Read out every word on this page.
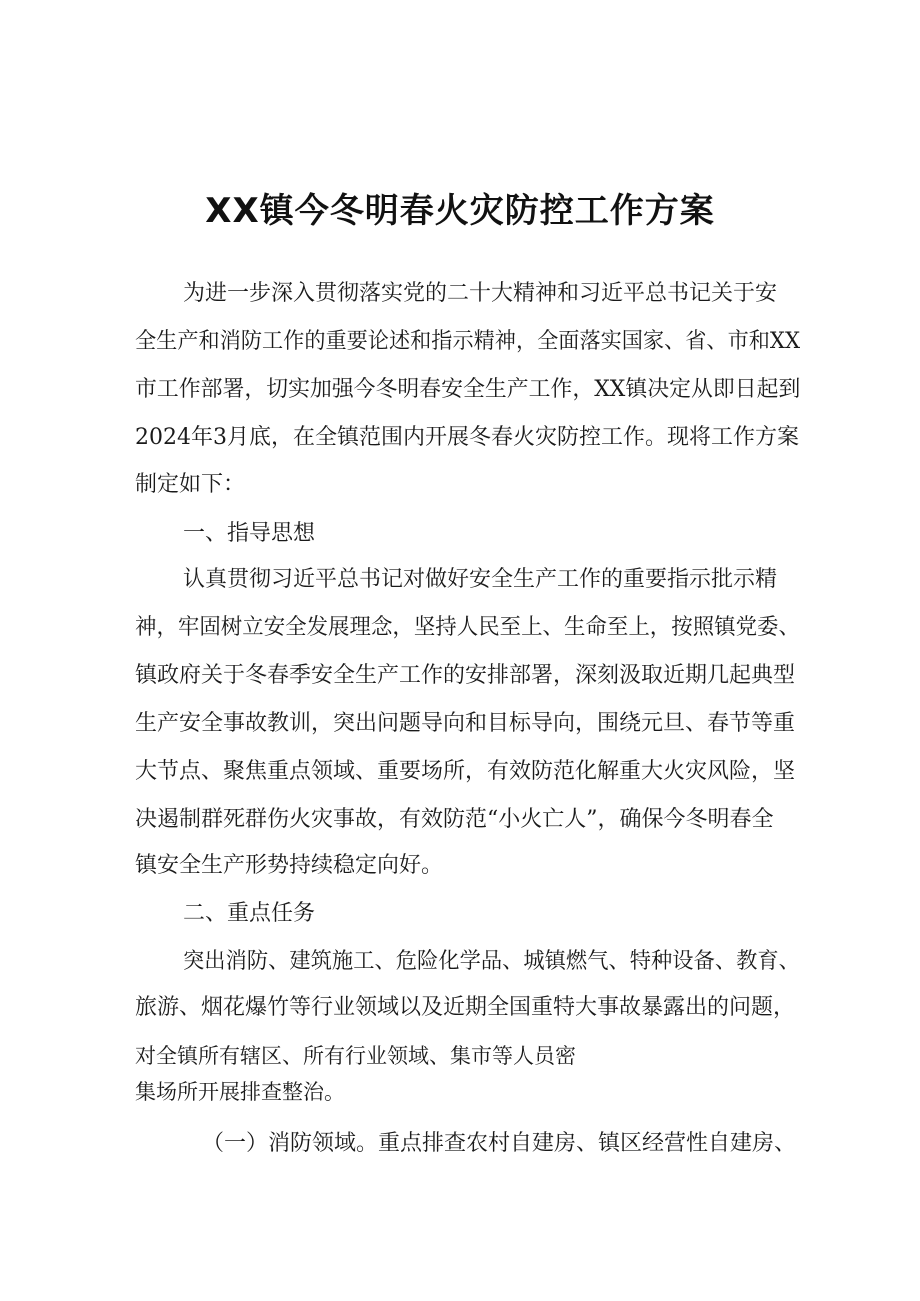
XX镇今冬明春火灾防控工作方案
为进一步深入贯彻落实党的二十大精神和习近平总书记关于安
全生产和消防工作的重要论述和指示精神，全面落实国家、省、市和XX
市工作部署，切实加强今冬明春安全生产工作，XX镇决定从即日起到
2024年3月底，在全镇范围内开展冬春火灾防控工作。现将工作方案
制定如下：
一、指导思想
认真贯彻习近平总书记对做好安全生产工作的重要指示批示精
神，牢固树立安全发展理念，坚持人民至上、生命至上，按照镇党委、
镇政府关于冬春季安全生产工作的安排部署，深刻汲取近期几起典型
生产安全事故教训，突出问题导向和目标导向，围绕元旦、春节等重
大节点、聚焦重点领域、重要场所，有效防范化解重大火灾风险，坚
决遏制群死群伤火灾事故，有效防范“小火亡人”，确保今冬明春全
镇安全生产形势持续稳定向好。
二、重点任务
突出消防、建筑施工、危险化学品、城镇燃气、特种设备、教育、
旅游、烟花爆竹等行业领域以及近期全国重特大事故暴露出的问题，
对全镇所有辖区、所有行业领域、集市等人员密
集场所开展排查整治。
（一）消防领域。重点排查农村自建房、镇区经营性自建房、
